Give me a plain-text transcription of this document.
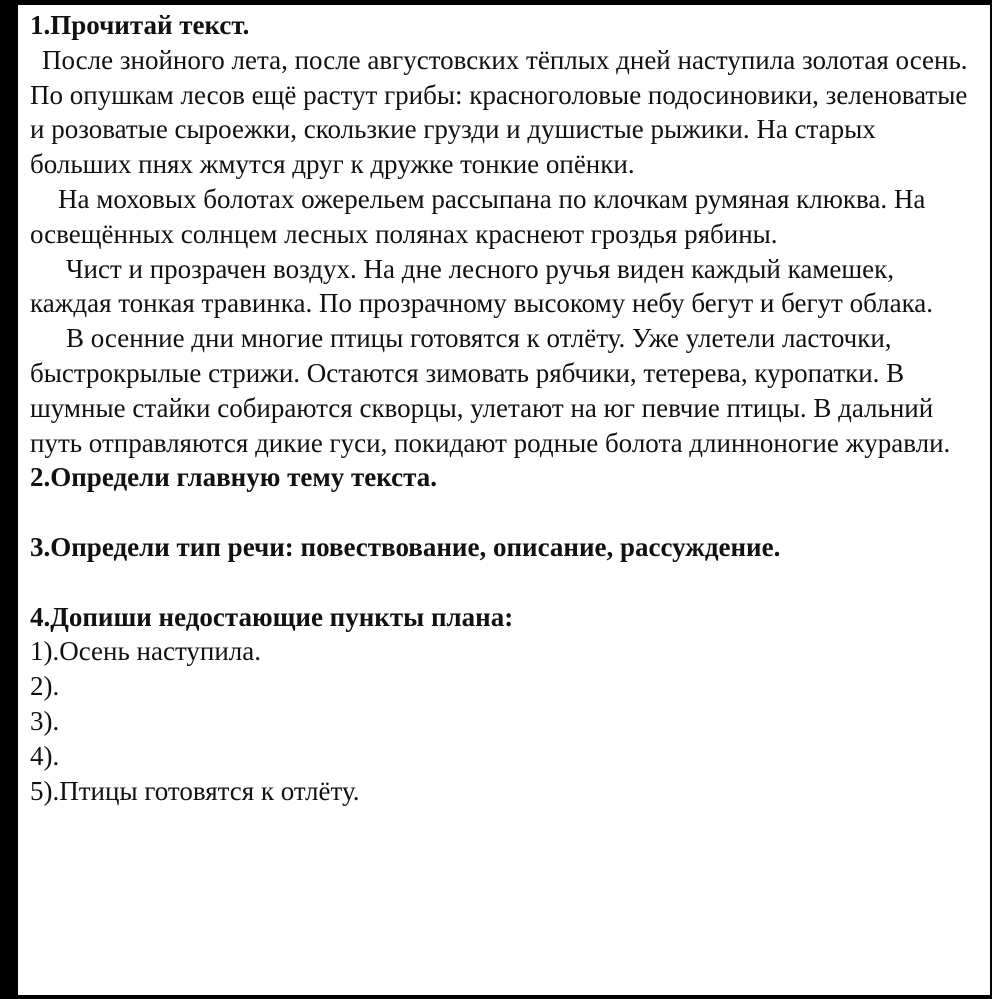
1.Прочитай текст.

После знойного лета, после августовских тёплых дней наступила золотая осень.

По опушкам лесов ещё растут грибы: красноголовые подосиновики, зеленоватые и розоватые сыроежки, скользкие грузди и душистые рыжики. На старых больших пнях жмутся друг к дружке тонкие опёнки.

На моховых болотах ожерельем рассыпана по клочкам румяная клюква. На освещённых солнцем лесных полянах краснеют гроздья рябины.

Чист и прозрачен воздух. На дне лесного ручья виден каждый камешек, каждая тонкая травинка. По прозрачному высокому небу бегут и бегут облака.

В осенние дни многие птицы готовятся к отлёту. Уже улетели ласточки, быстрокрылые стрижи. Остаются зимовать рябчики, тетерева, куропатки. В шумные стайки собираются скворцы, улетают на юг певчие птицы. В дальний путь отправляются дикие гуси, покидают родные болота длинноногие журавли.

2.Определи главную тему текста.

3.Определи тип речи: повествование, описание, рассуждение.

4.Допиши недостающие пункты плана:

1).Осень наступила.

2).

3).

4).

5).Птицы готовятся к отлёту.
